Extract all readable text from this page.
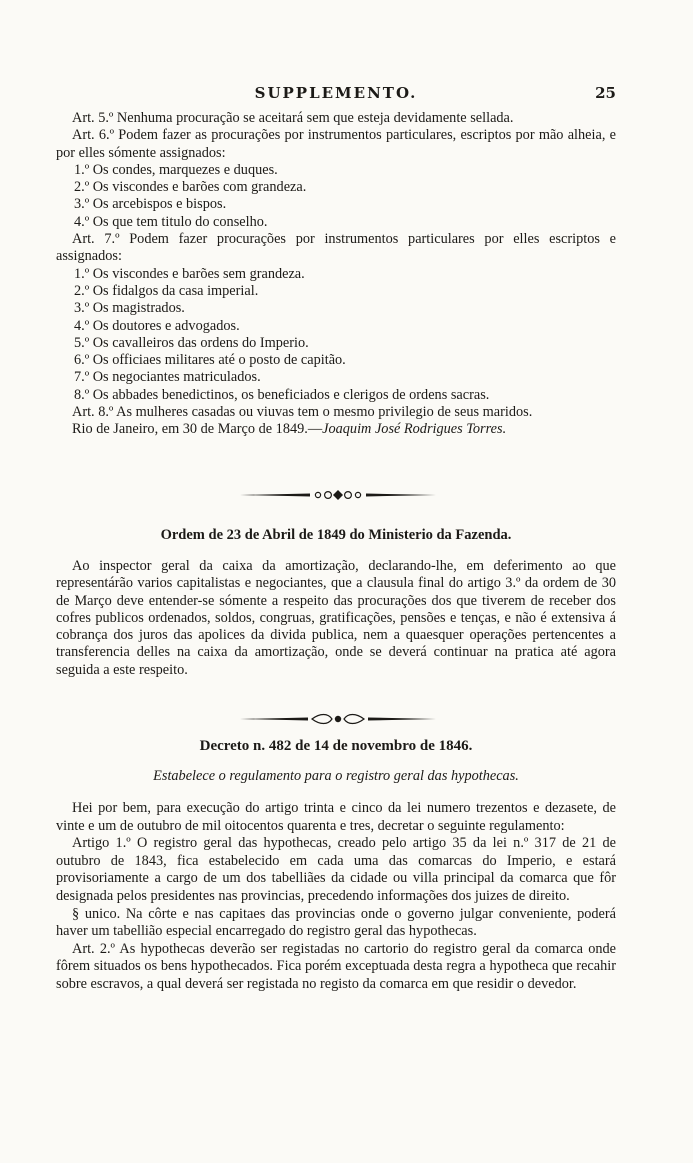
SUPPLEMENTO.	25

Art. 5.º Nenhuma procuração se aceitará sem que esteja devidamente sellada.

Art. 6.º Podem fazer as procurações por instrumentos particulares, escriptos por mão alheia, e por elles sómente assignados:

1.º Os condes, marquezes e duques.

2.º Os viscondes e barões com grandeza.

3.º Os arcebispos e bispos.

4.º Os que tem titulo do conselho.

Art. 7.º Podem fazer procurações por instrumentos particulares por elles escriptos e assignados:

1.º Os viscondes e barões sem grandeza.

2.º Os fidalgos da casa imperial.

3.º Os magistrados.

4.º Os doutores e advogados.

5.º Os cavalleiros das ordens do Imperio.

6.º Os officiaes militares até o posto de capitão.

7.º Os negociantes matriculados.

8.º Os abbades benedictinos, os beneficiados e clerigos de ordens sacras.

Art. 8.º As mulheres casadas ou viuvas tem o mesmo privilegio de seus maridos.

Rio de Janeiro, em 30 de Março de 1849.—Joaquim José Rodrigues Torres.

Ordem de 23 de Abril de 1849 do Ministerio da Fazenda.

Ao inspector geral da caixa da amortização, declarando-lhe, em deferimento ao que representárão varios capitalistas e negociantes, que a clausula final do artigo 3.º da ordem de 30 de Março deve entender-se sómente a respeito das procurações dos que tiverem de receber dos cofres publicos ordenados, soldos, congruas, gratificações, pensões e tenças, e não é extensiva á cobrança dos juros das apolices da divida publica, nem a quaesquer operações pertencentes a transferencia delles na caixa da amortização, onde se deverá continuar na pratica até agora seguida a este respeito.

Decreto n. 482 de 14 de novembro de 1846.
Estabelece o regulamento para o registro geral das hypothecas.

Hei por bem, para execução do artigo trinta e cinco da lei numero trezentos e dezasete, de vinte e um de outubro de mil oitocentos quarenta e tres, decretar o seguinte regulamento:

Artigo 1.º O registro geral das hypothecas, creado pelo artigo 35 da lei n.º 317 de 21 de outubro de 1843, fica estabelecido em cada uma das comarcas do Imperio, e estará provisoriamente a cargo de um dos tabelliães da cidade ou villa principal da comarca que fôr designada pelos presidentes nas provincias, precedendo informações dos juizes de direito.

§ unico. Na côrte e nas capitaes das provincias onde o governo julgar conveniente, poderá haver um tabellião especial encarregado do registro geral das hypothecas.

Art. 2.º As hypothecas deverão ser registadas no cartorio do registro geral da comarca onde fôrem situados os bens hypothecados. Fica porém exceptuada desta regra a hypotheca que recahir sobre escravos, a qual deverá ser registada no registo da comarca em que residir o devedor.
